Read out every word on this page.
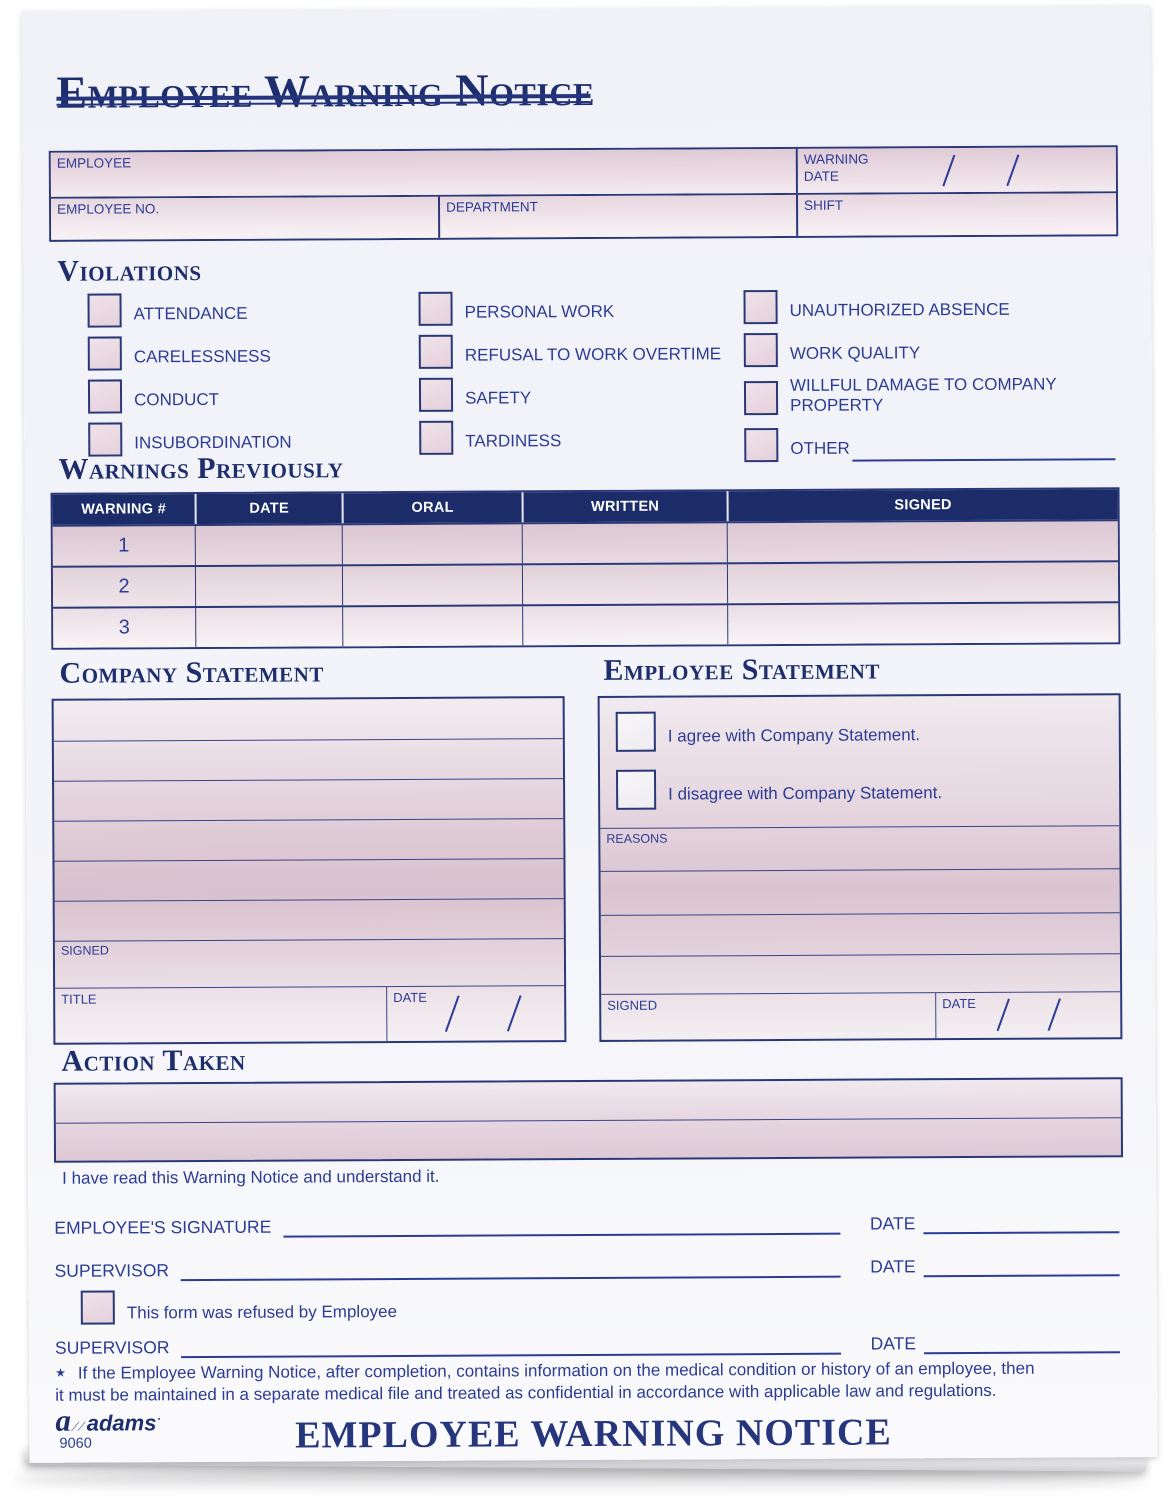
Employee Warning Notice
EMPLOYEE	WARNING DATE
EMPLOYEE NO.	DEPARTMENT	SHIFT
Violations
ATTENDANCE
CARELESSNESS
CONDUCT
INSUBORDINATION
PERSONAL WORK
REFUSAL TO WORK OVERTIME
SAFETY
TARDINESS
UNAUTHORIZED ABSENCE
WORK QUALITY
WILLFUL DAMAGE TO COMPANY PROPERTY
OTHER
Warnings Previously
WARNING #	DATE	ORAL	WRITTEN	SIGNED
1
2
3
Company Statement
SIGNED
TITLE	DATE
Employee Statement
I agree with Company Statement.
I disagree with Company Statement.
REASONS
SIGNED	DATE
Action Taken

I have read this Warning Notice and understand it.

EMPLOYEE'S SIGNATURE	DATE
SUPERVISOR	DATE
This form was refused by Employee
SUPERVISOR	DATE

★ If the Employee Warning Notice, after completion, contains information on the medical condition or history of an employee, then
it must be maintained in a separate medical file and treated as confidential in accordance with applicable law and regulations.

a⟋⟋ adams·
9060	EMPLOYEE WARNING NOTICE
